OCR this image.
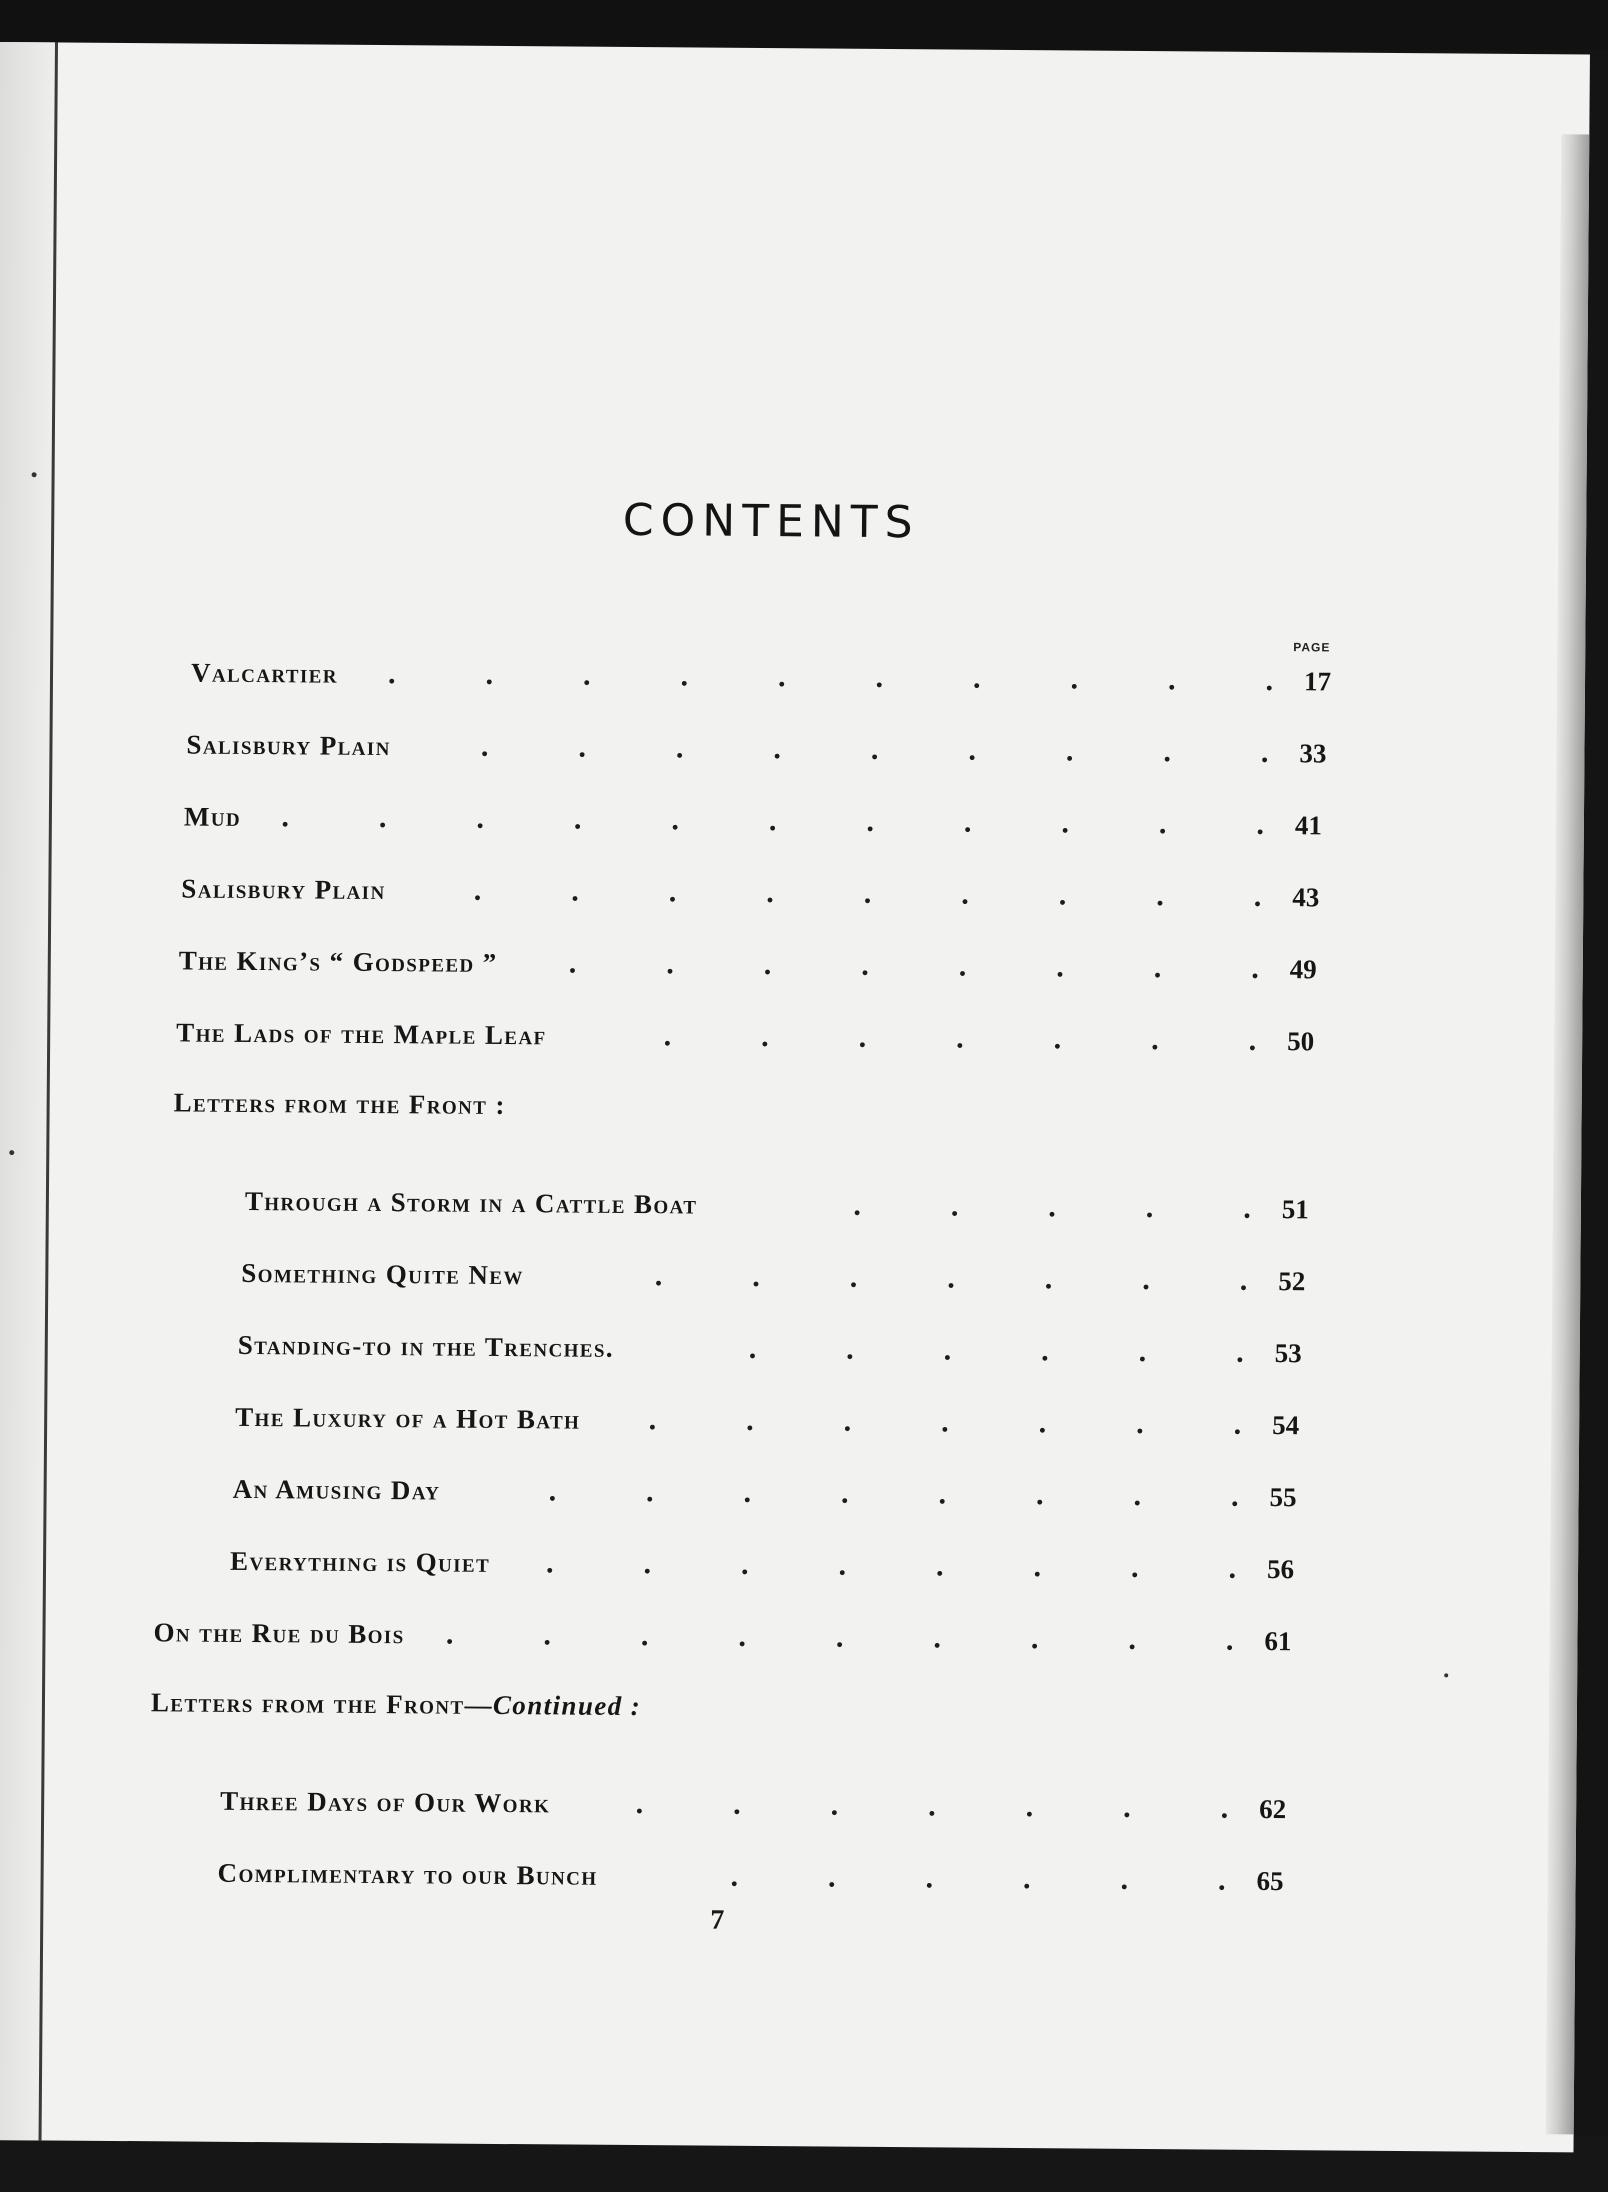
CONTENTS
PAGE
Valcartier	.   .   .   .   .   .   .   .   .   .	17
Salisbury Plain	.   .   .   .   .   .   .   .   .	33
Mud	.   .   .   .   .   .   .   .   .   .   .	41
Salisbury Plain	.   .   .   .   .   .   .   .   .	43
The King’s “ Godspeed ”	.   .   .   .   .   .   .   .	49
The Lads of the Maple Leaf	.   .   .   .   .   .   .	50
Letters from the Front :
Through a Storm in a Cattle Boat	.   .   .   .   .	51
Something Quite New	.   .   .   .   .   .   .	52
Standing-to in the Trenches.	.   .   .   .   .   .	53
The Luxury of a Hot Bath	.   .   .   .   .   .   .	54
An Amusing Day	.   .   .   .   .   .   .   .	55
Everything is Quiet	.   .   .   .   .   .   .   .	56
On the Rue du Bois	.   .   .   .   .   .   .   .   .	61
Letters from the Front—Continued :
Three Days of Our Work	.   .   .   .   .   .   .	62
Complimentary to our Bunch	.   .   .   .   .   .	65
7
